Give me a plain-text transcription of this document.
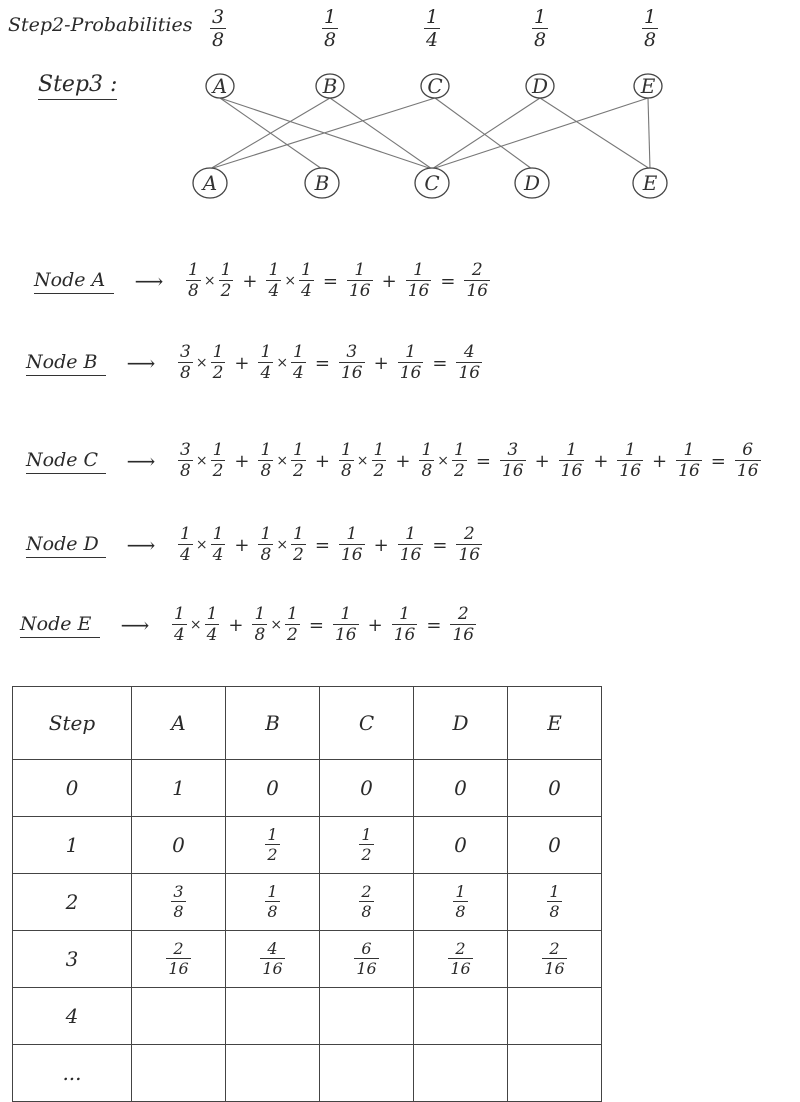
Step2-Probabilities $\frac{3}{8}$	$\frac{1}{8}$	$\frac{1}{4}$	$\frac{1}{8}$	$\frac{1}{8}$
Step3 :	A	B	C	D	E
A	B	C	D	E
Node A	⟶	$\frac{1}{8} \times \frac{1}{2} + \frac{1}{4} \times \frac{1}{4} = \frac{1}{16} + \frac{1}{16} = \frac{2}{16}$
Node B	⟶	$\frac{3}{8} \times \frac{1}{2} + \frac{1}{4} \times \frac{1}{4} = \frac{3}{16} + \frac{1}{16} = \frac{4}{16}$
Node C	⟶	$\frac{3}{8} \times \frac{1}{2} + \frac{1}{8} \times \frac{1}{2} + \frac{1}{8} \times \frac{1}{2} + \frac{1}{8} \times \frac{1}{2} = \frac{3}{16} + \frac{1}{16} + \frac{1}{16} + \frac{1}{16} = \frac{6}{16}$
Node D	⟶	$\frac{1}{4} \times \frac{1}{4} + \frac{1}{8} \times \frac{1}{2} = \frac{1}{16} + \frac{1}{16} = \frac{2}{16}$
Node E	⟶	$\frac{1}{4} \times \frac{1}{4} + \frac{1}{8} \times \frac{1}{2} = \frac{1}{16} + \frac{1}{16} = \frac{2}{16}$
Step	A	B	C	D	E
0	1	0	0	0	0
1	0	$\frac{1}{2}$	$\frac{1}{2}$	0	0
2	$\frac{3}{8}$	$\frac{1}{8}$	$\frac{2}{8}$	$\frac{1}{8}$	$\frac{1}{8}$

3	$\frac{2}{16}$	$\frac{4}{16}$	$\frac{6}{16}$	$\frac{2}{16}$	$\frac{2}{16}$

4					
...					
